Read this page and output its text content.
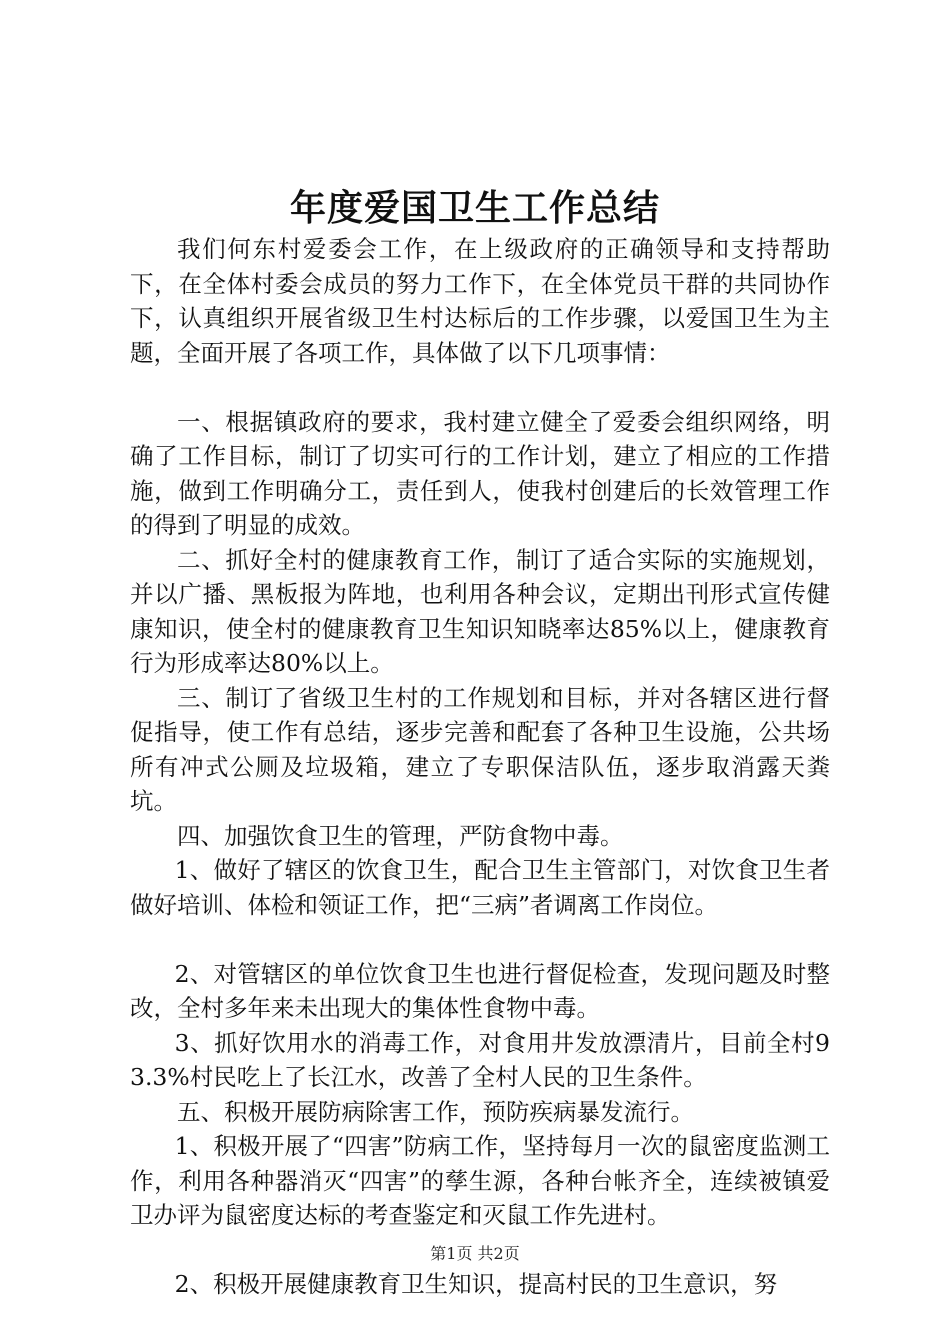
年度爱国卫生工作总结

我们何东村爱委会工作，在上级政府的正确领导和支持帮助下，在全体村委会成员的努力工作下，在全体党员干群的共同协作下，认真组织开展省级卫生村达标后的工作步骤，以爱国卫生为主题，全面开展了各项工作，具体做了以下几项事情：

一、根据镇政府的要求，我村建立健全了爱委会组织网络，明确了工作目标，制订了切实可行的工作计划，建立了相应的工作措施，做到工作明确分工，责任到人，使我村创建后的长效管理工作的得到了明显的成效。

二、抓好全村的健康教育工作，制订了适合实际的实施规划，并以广播、黑板报为阵地，也利用各种会议，定期出刊形式宣传健康知识，使全村的健康教育卫生知识知晓率达85%以上，健康教育行为形成率达80%以上。

三、制订了省级卫生村的工作规划和目标，并对各辖区进行督促指导，使工作有总结，逐步完善和配套了各种卫生设施，公共场所有冲式公厕及垃圾箱，建立了专职保洁队伍，逐步取消露天粪坑。

四、加强饮食卫生的管理，严防食物中毒。

1、做好了辖区的饮食卫生，配合卫生主管部门，对饮食卫生者做好培训、体检和领证工作，把“三病”者调离工作岗位。

2、对管辖区的单位饮食卫生也进行督促检查，发现问题及时整改，全村多年来未出现大的集体性食物中毒。

3、抓好饮用水的消毒工作，对食用井发放漂清片，目前全村93.3%村民吃上了长江水，改善了全村人民的卫生条件。

五、积极开展防病除害工作，预防疾病暴发流行。

1、积极开展了“四害”防病工作，坚持每月一次的鼠密度监测工作，利用各种器消灭“四害”的孳生源，各种台帐齐全，连续被镇爱卫办评为鼠密度达标的考查鉴定和灭鼠工作先进村。

2、积极开展健康教育卫生知识，提高村民的卫生意识，努

第1页 共2页
